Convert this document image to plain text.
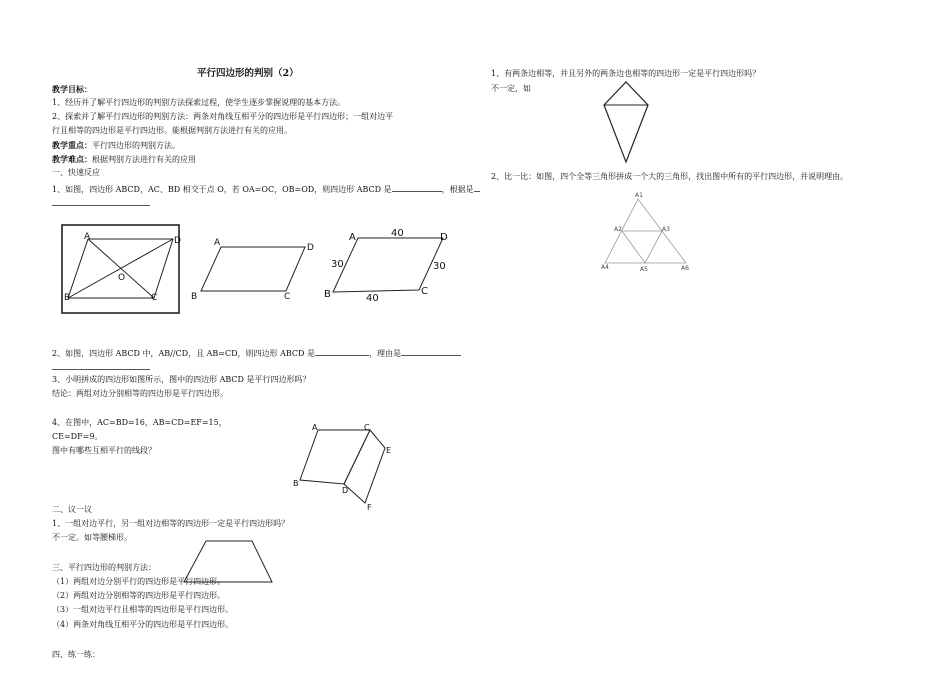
平行四边形的判别（2）
教学目标：
1、经历并了解平行四边形的判别方法探索过程，使学生逐步掌握说理的基本方法。
2、探索并了解平行四边形的判别方法：两条对角线互相平分的四边形是平行四边形；一组对边平
行且相等的四边形是平行四边形。能根据判别方法进行有关的应用。
教学重点：平行四边形的判别方法。
教学难点：根据判别方法进行有关的应用
一、快速反应
1、如图，四边形 ABCD，AC、BD 相交于点 O，若 OA=OC，OB=OD，则四边形 ABCD 是	，根据是
A	D
O
B	C
A	D
B	C
A	40	D
30	30
C
B	40
2、如图，四边形 ABCD 中，AB//CD，且 AB=CD，则四边形 ABCD 是	，理由是
3、小明拼成的四边形如图所示，图中的四边形 ABCD 是平行四边形吗？
结论：两组对边分别相等的四边形是平行四边形。
4、在图中，AC=BD=16，AB=CD=EF=15，
CE=DF=9。
图中有哪些互相平行的线段？
A	C
E
B
D
F
二、议一议
1、一组对边平行，另一组对边相等的四边形一定是平行四边形吗？
不一定。如等腰梯形。
三、平行四边形的判别方法：
（1）两组对边分别平行的四边形是平行四边形。
（2）两组对边分别相等的四边形是平行四边形。
（3）一组对边平行且相等的四边形是平行四边形。
（4）两条对角线互相平分的四边形是平行四边形。
四、练一练：
1、有两条边相等，并且另外的两条边也相等的四边形一定是平行四边形吗？
不一定，如
2、比一比：如图，四个全等三角形拼成一个大的三角形，找出图中所有的平行四边形，并说明理由。
A1
A2	A3
A4	A5	A6
